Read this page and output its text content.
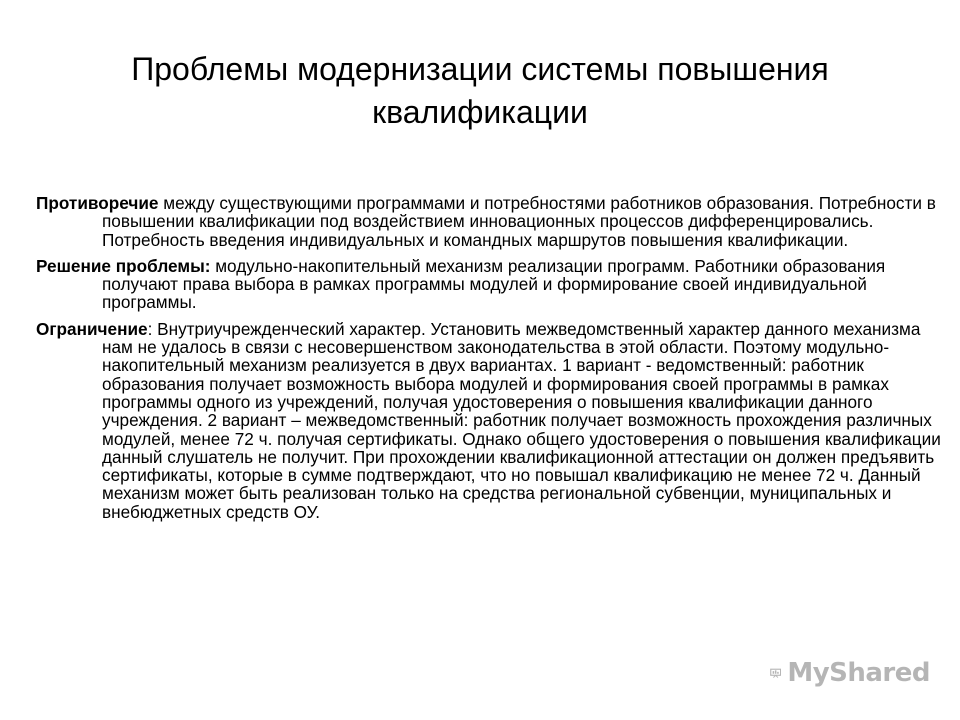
Проблемы модернизации системы повышения квалификации

Противоречие между существующими программами и потребностями работников образования. Потребности в повышении квалификации под воздействием инновационных процессов дифференцировались. Потребность введения индивидуальных и командных маршрутов повышения квалификации.

Решение проблемы: модульно-накопительный механизм реализации программ. Работники образования получают права выбора в рамках программы модулей и формирование своей индивидуальной программы.

Ограничение: Внутриучрежденческий характер. Установить межведомственный характер данного механизма нам не удалось в связи с несовершенством законодательства в этой области. Поэтому модульно-накопительный механизм реализуется в двух вариантах. 1 вариант - ведомственный: работник образования получает возможность выбора модулей и формирования своей программы в рамках программы одного из учреждений, получая удостоверения о повышения квалификации данного учреждения. 2 вариант – межведомственный: работник получает возможность прохождения различных модулей, менее 72 ч. получая сертификаты. Однако общего удостоверения о повышения квалификации данный слушатель не получит. При прохождении квалификационной аттестации он должен предъявить сертификаты, которые в сумме подтверждают, что но повышал квалификацию не менее 72 ч. Данный механизм может быть реализован только на средства региональной субвенции, муниципальных и внебюджетных средств ОУ.

MyShared
